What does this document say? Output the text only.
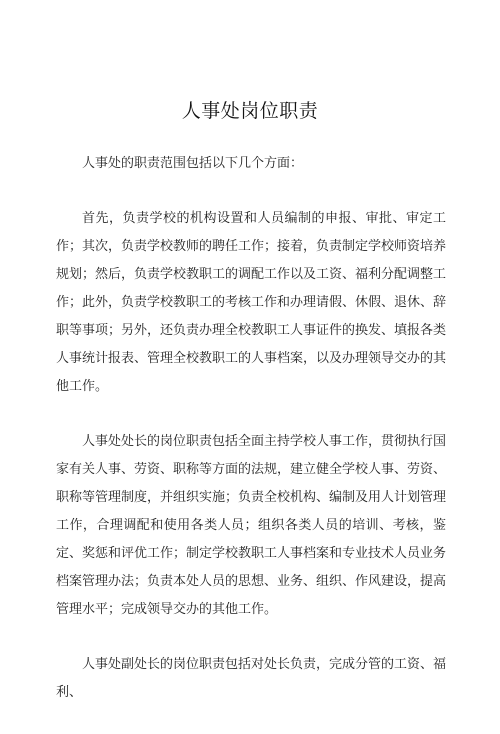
人事处岗位职责

人事处的职责范围包括以下几个方面：

首先，负责学校的机构设置和人员编制的申报、审批、审定工作；其次，负责学校教师的聘任工作；接着，负责制定学校师资培养规划；然后，负责学校教职工的调配工作以及工资、福利分配调整工作；此外，负责学校教职工的考核工作和办理请假、休假、退休、辞职等事项；另外，还负责办理全校教职工人事证件的换发、填报各类人事统计报表、管理全校教职工的人事档案，以及办理领导交办的其他工作。

人事处处长的岗位职责包括全面主持学校人事工作，贯彻执行国家有关人事、劳资、职称等方面的法规，建立健全学校人事、劳资、职称等管理制度，并组织实施；负责全校机构、编制及用人计划管理工作，合理调配和使用各类人员；组织各类人员的培训、考核，鉴定、奖惩和评优工作；制定学校教职工人事档案和专业技术人员业务档案管理办法；负责本处人员的思想、业务、组织、作风建设，提高管理水平；完成领导交办的其他工作。

人事处副处长的岗位职责包括对处长负责，完成分管的工资、福利、
